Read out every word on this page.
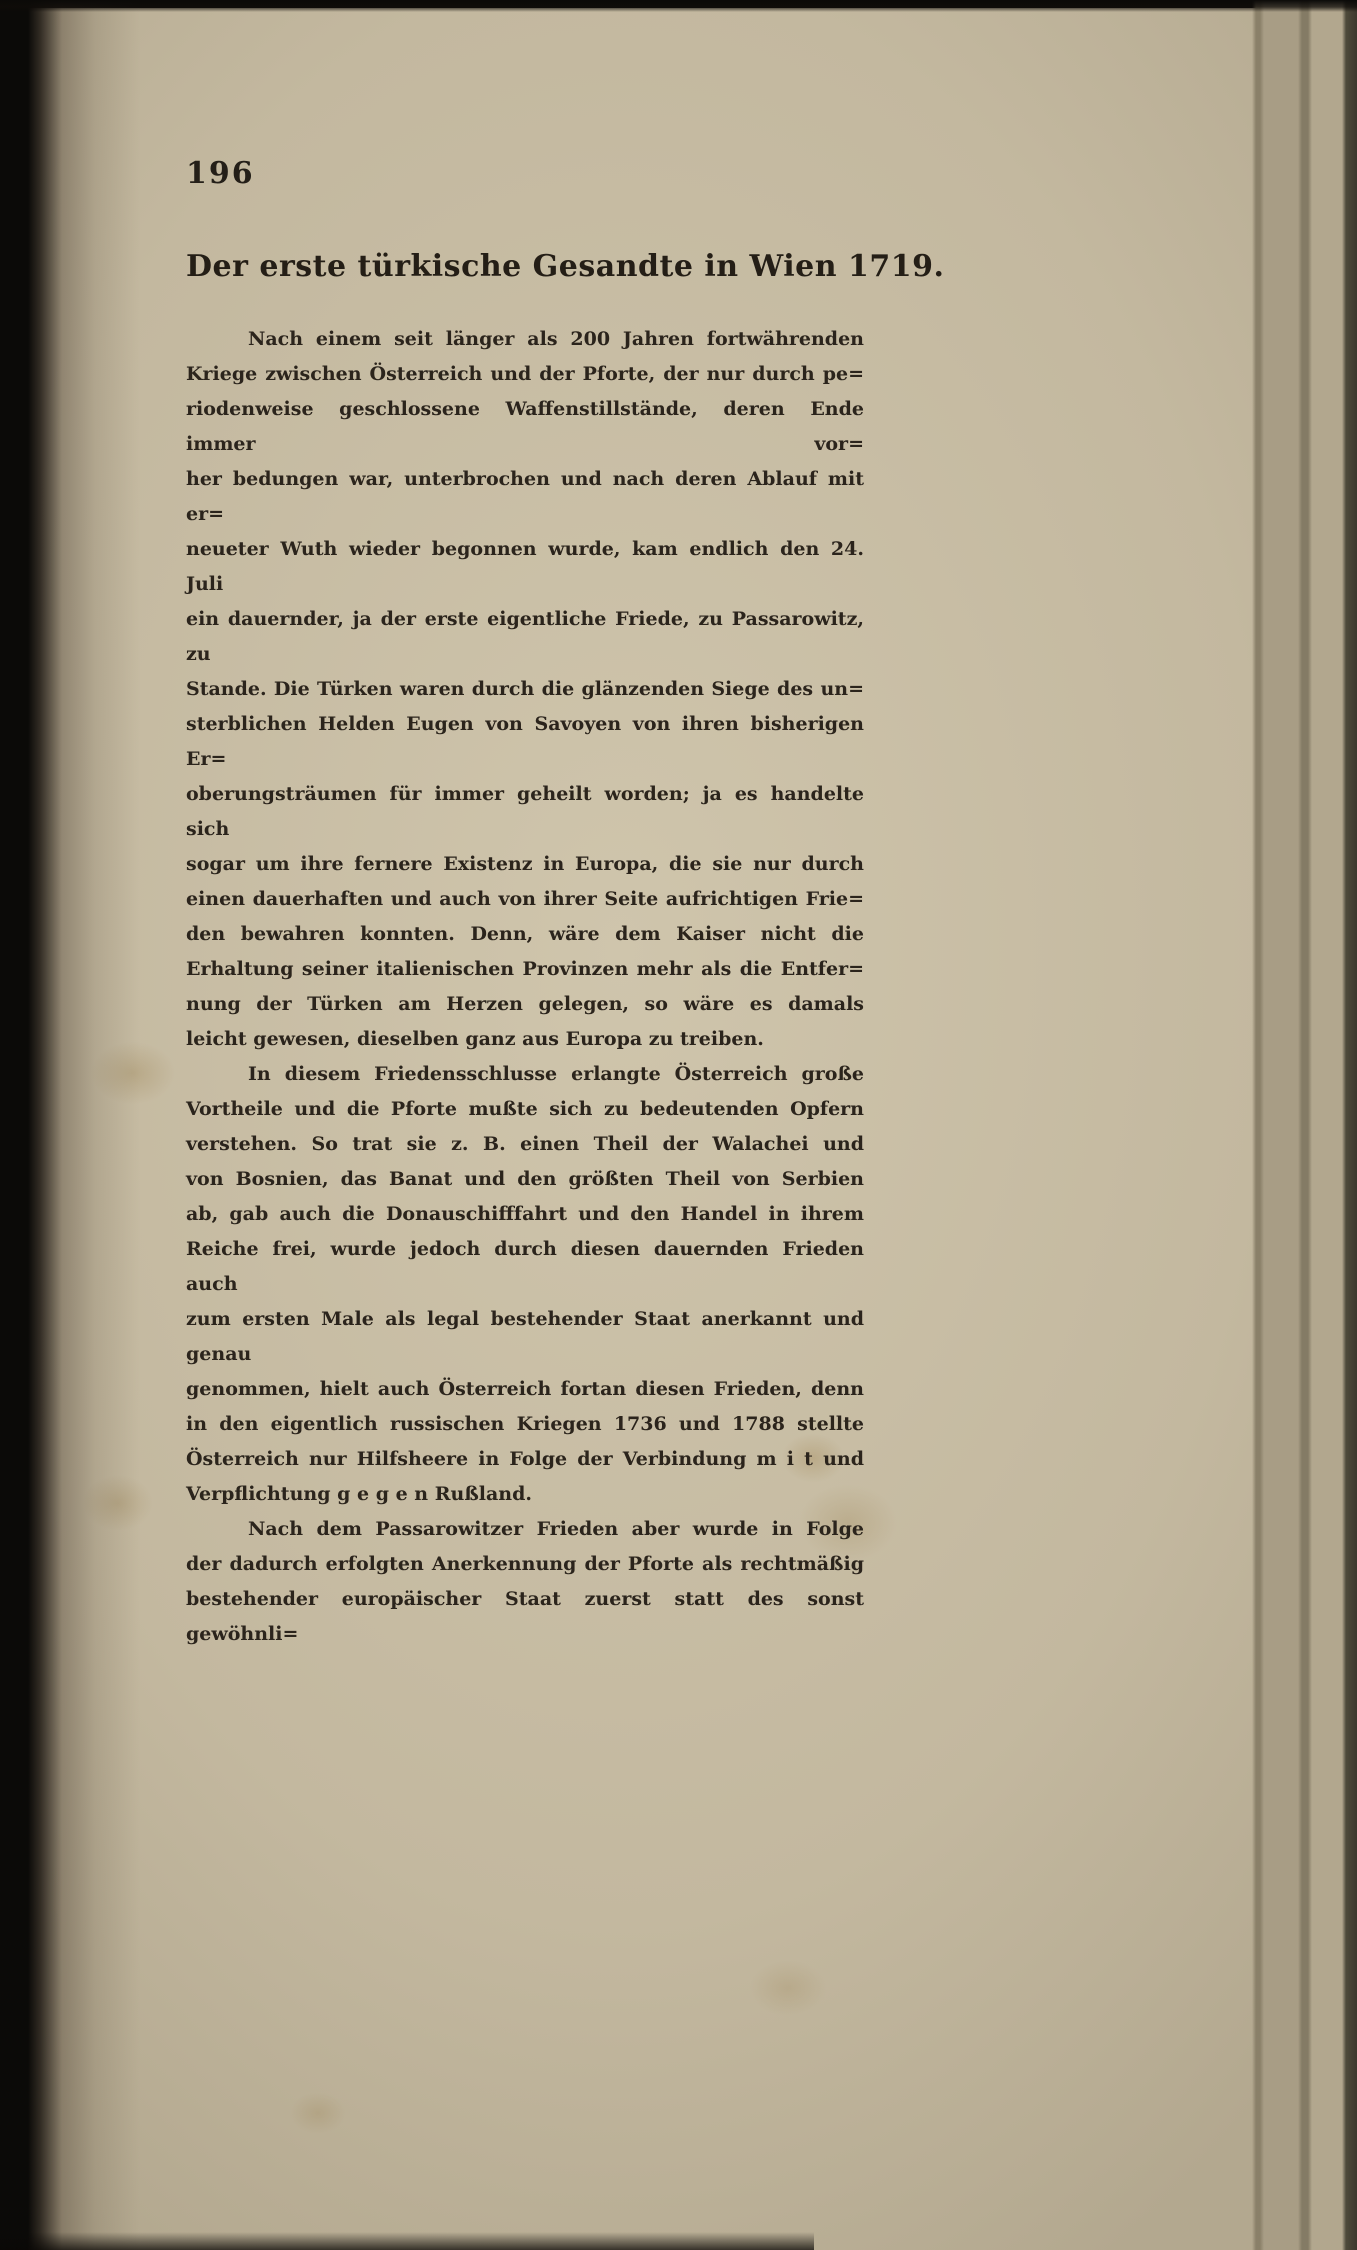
196
Der erste türkische Gesandte in Wien 1719.
Nach einem seit länger als 200 Jahren fortwährenden
Kriege zwischen Österreich und der Pforte, der nur durch pe=
riodenweise geschlossene Waffenstillstände, deren Ende immer vor=
her bedungen war, unterbrochen und nach deren Ablauf mit er=
neueter Wuth wieder begonnen wurde, kam endlich den 24. Juli
ein dauernder, ja der erste eigentliche Friede, zu Passarowitz, zu
Stande. Die Türken waren durch die glänzenden Siege des un=
sterblichen Helden Eugen von Savoyen von ihren bisherigen Er=
oberungsträumen für immer geheilt worden; ja es handelte sich
sogar um ihre fernere Existenz in Europa, die sie nur durch
einen dauerhaften und auch von ihrer Seite aufrichtigen Frie=
den bewahren konnten. Denn, wäre dem Kaiser nicht die
Erhaltung seiner italienischen Provinzen mehr als die Entfer=
nung der Türken am Herzen gelegen, so wäre es damals
leicht gewesen, dieselben ganz aus Europa zu treiben.
In diesem Friedensschlusse erlangte Österreich große
Vortheile und die Pforte mußte sich zu bedeutenden Opfern
verstehen. So trat sie z. B. einen Theil der Walachei und
von Bosnien, das Banat und den größten Theil von Serbien
ab, gab auch die Donauschifffahrt und den Handel in ihrem
Reiche frei, wurde jedoch durch diesen dauernden Frieden auch
zum ersten Male als legal bestehender Staat anerkannt und genau
genommen, hielt auch Österreich fortan diesen Frieden, denn
in den eigentlich russischen Kriegen 1736 und 1788 stellte
Österreich nur Hilfsheere in Folge der Verbindung m i t und
Verpflichtung g e g e n Rußland.
Nach dem Passarowitzer Frieden aber wurde in Folge
der dadurch erfolgten Anerkennung der Pforte als rechtmäßig
bestehender europäischer Staat zuerst statt des sonst gewöhnli=
